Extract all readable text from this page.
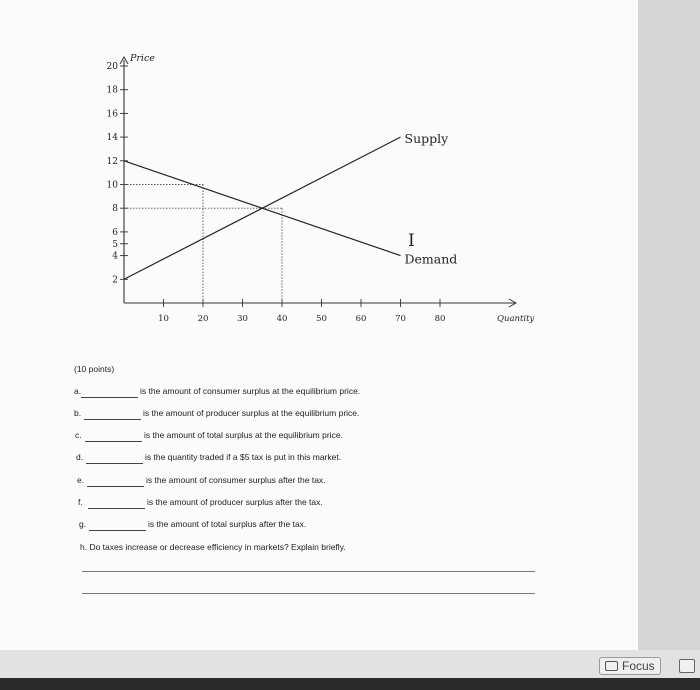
2
4
5
6
8
10
12
14
16
18
20
10	20	30	40	50	60	70	80
Price
Quantity
Supply
Demand
I
(10 points)
a.	is the amount of consumer surplus at the equilibrium price.
b.	is the amount of producer surplus at the equilibrium price.
c.	is the amount of total surplus at the equilibrium price.
d.	is the quantity traded if a $5 tax is put in this market.
e.	is the amount of consumer surplus after the tax.
f.	is the amount of producer surplus after the tax.
g.	is the amount of total surplus after the tax.
h. Do taxes increase or decrease efficiency in markets? Explain briefly.
Focus
